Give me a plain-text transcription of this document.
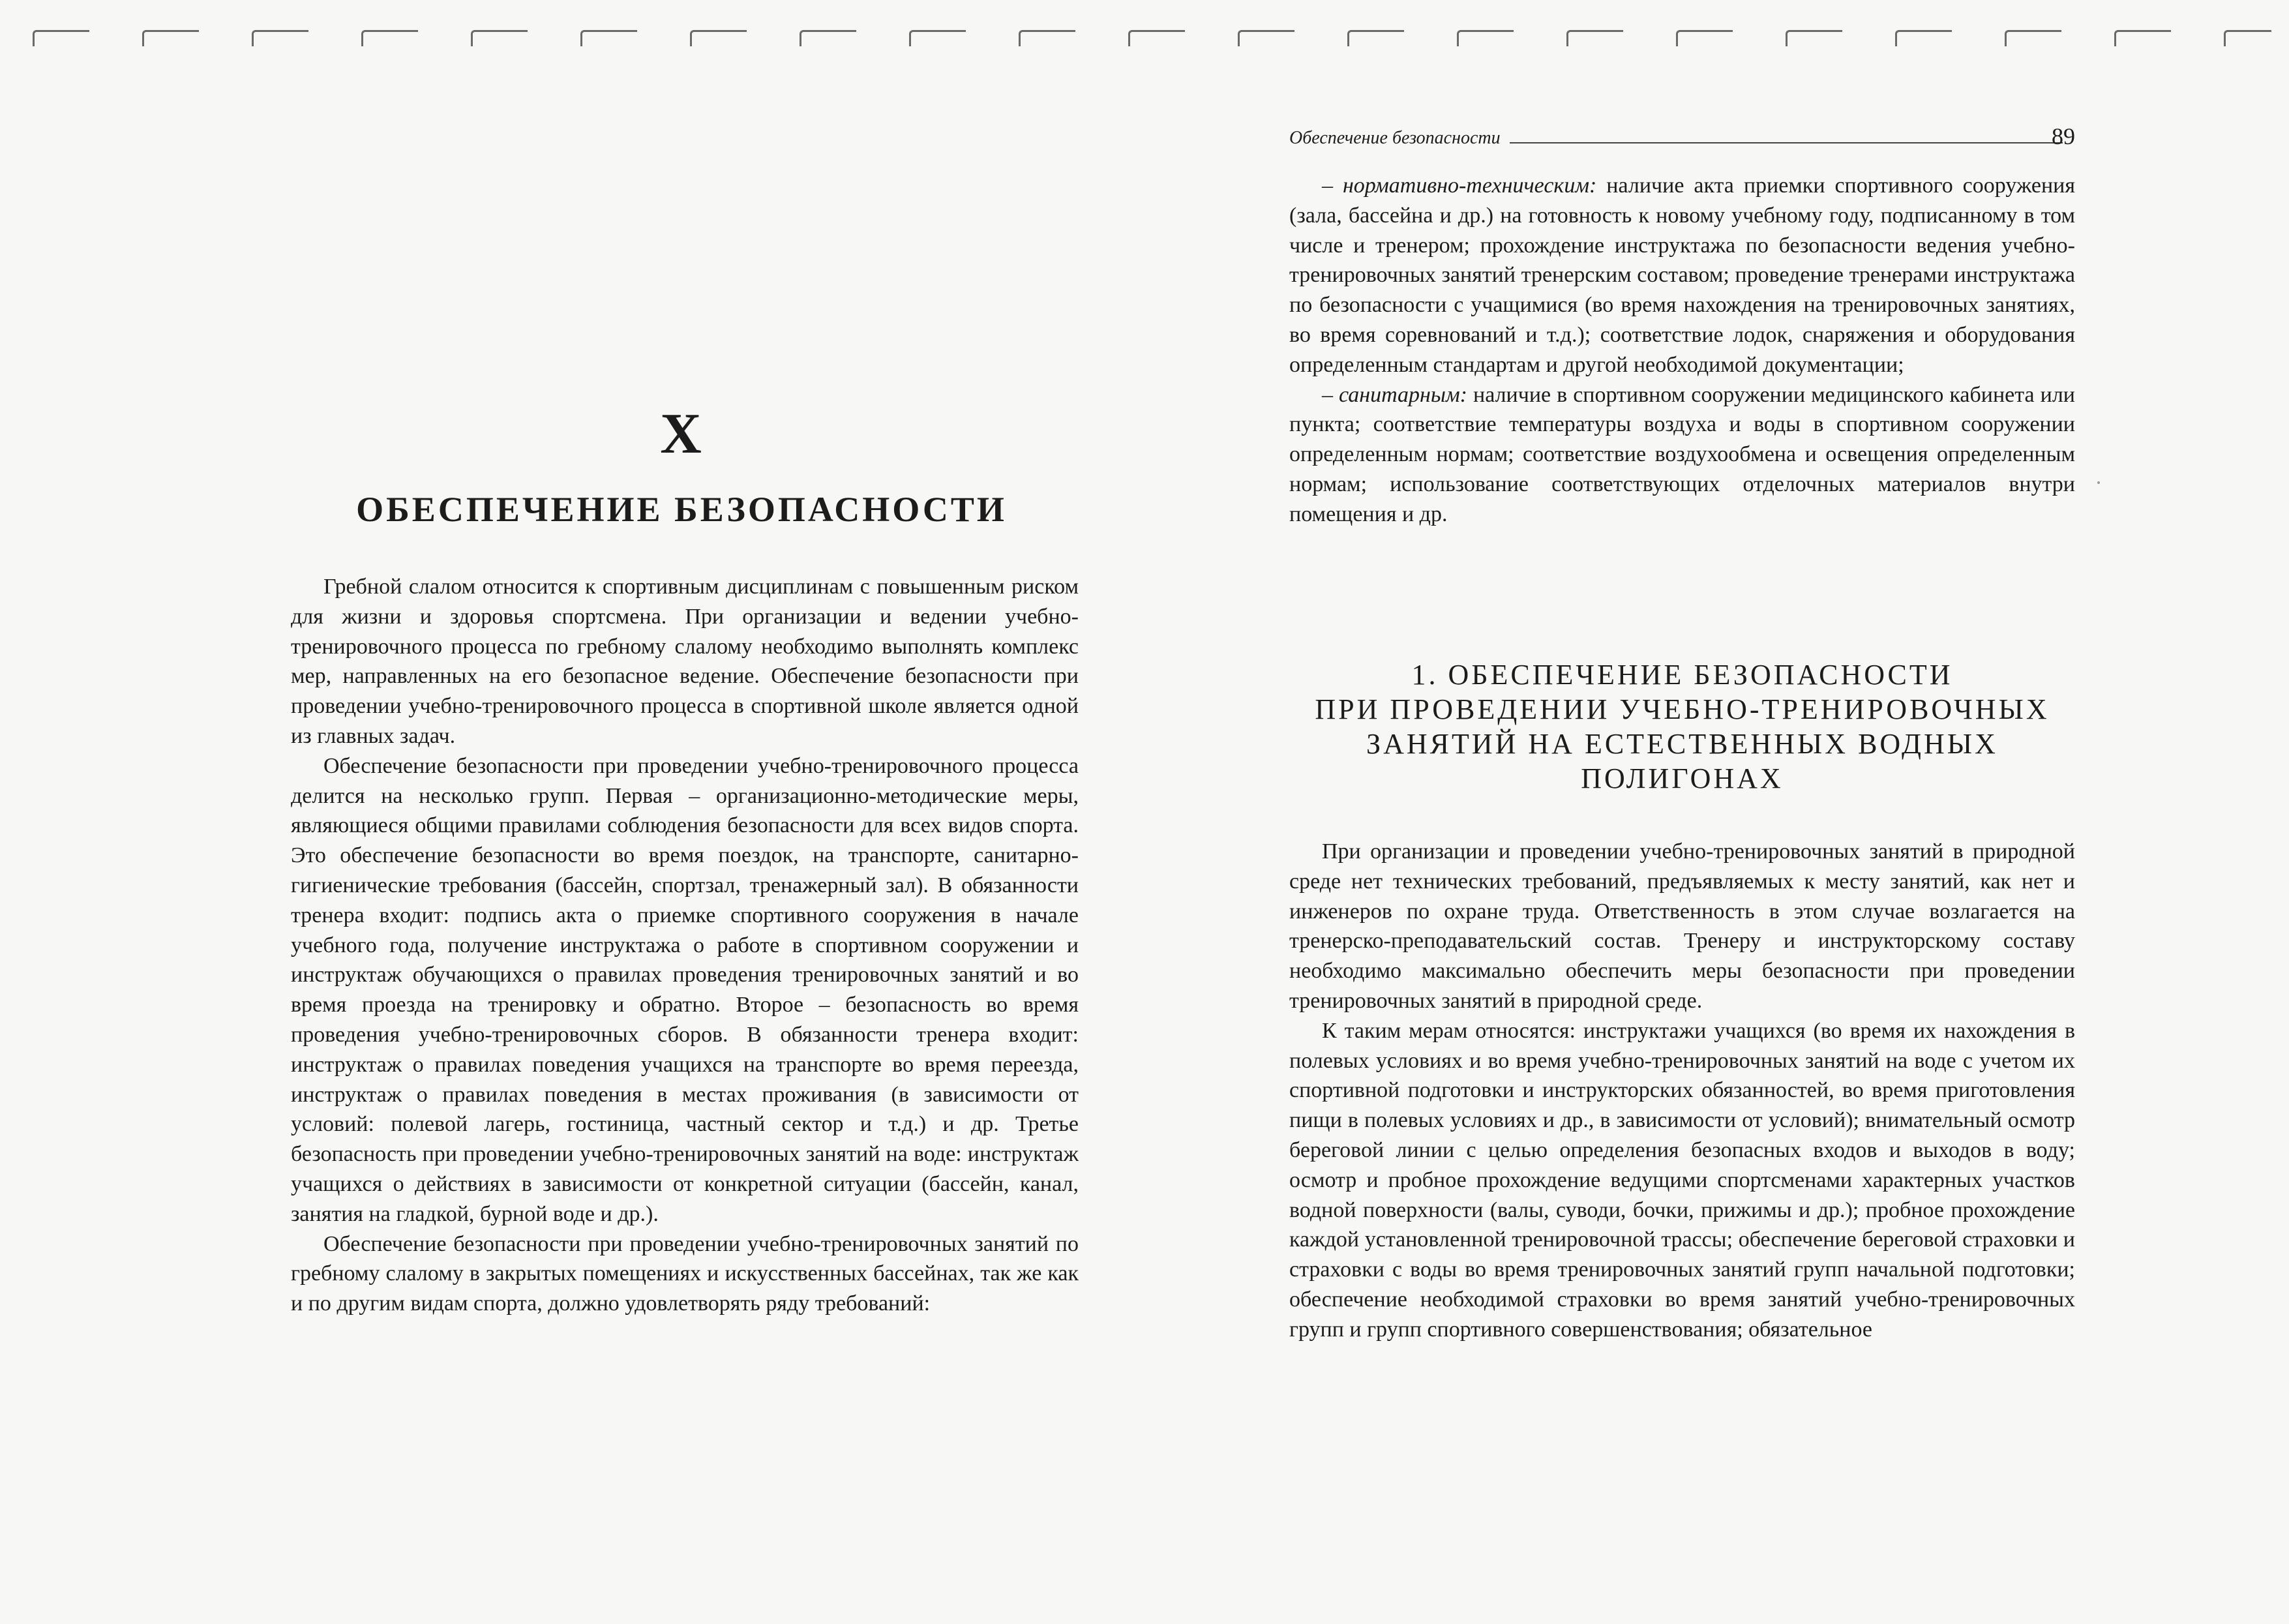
X
ОБЕСПЕЧЕНИЕ БЕЗОПАСНОСТИ

Гребной слалом относится к спортивным дисциплинам с повышенным риском для жизни и здоровья спортсмена. При организации и ведении учебно-тренировочного процесса по гребному слалому необходимо выполнять комплекс мер, направленных на его безопасное ведение. Обеспечение безопасности при проведении учебно-тренировочного процесса в спортивной школе является одной из главных задач.

Обеспечение безопасности при проведении учебно-тренировочного процесса делится на несколько групп. Первая – организационно-методические меры, являющиеся общими правилами соблюдения безопасности для всех видов спорта. Это обеспечение безопасности во время поездок, на транспорте, санитарно-гигиенические требования (бассейн, спортзал, тренажерный зал). В обязанности тренера входит: подпись акта о приемке спортивного сооружения в начале учебного года, получение инструктажа о работе в спортивном сооружении и инструктаж обучающихся о правилах проведения тренировочных занятий и во время проезда на тренировку и обратно. Второе – безопасность во время проведения учебно-тренировочных сборов. В обязанности тренера входит: инструктаж о правилах поведения учащихся на транспорте во время переезда, инструктаж о правилах поведения в местах проживания (в зависимости от условий: полевой лагерь, гостиница, частный сектор и т.д.) и др. Третье безопасность при проведении учебно-тренировочных занятий на воде: инструктаж учащихся о действиях в зависимости от конкретной ситуации (бассейн, канал, занятия на гладкой, бурной воде и др.).

Обеспечение безопасности при проведении учебно-тренировочных занятий по гребному слалому в закрытых помещениях и искусственных бассейнах, так же как и по другим видам спорта, должно удовлетворять ряду требований:

Обеспечение безопасности	89

– нормативно-техническим: наличие акта приемки спортивного сооружения (зала, бассейна и др.) на готовность к новому учебному году, подписанному в том числе и тренером; прохождение инструктажа по безопасности ведения учебно-тренировочных занятий тренерским составом; проведение тренерами инструктажа по безопасности с учащимися (во время нахождения на тренировочных занятиях, во время соревнований и т.д.); соответствие лодок, снаряжения и оборудования определенным стандартам и другой необходимой документации;

– санитарным: наличие в спортивном сооружении медицинского кабинета или пункта; соответствие температуры воздуха и воды в спортивном сооружении определенным нормам; соответствие воздухообмена и освещения определенным нормам; использование соответствующих отделочных материалов внутри помещения и др.

1. ОБЕСПЕЧЕНИЕ БЕЗОПАСНОСТИ
ПРИ ПРОВЕДЕНИИ УЧЕБНО-ТРЕНИРОВОЧНЫХ
ЗАНЯТИЙ НА ЕСТЕСТВЕННЫХ ВОДНЫХ
ПОЛИГОНАХ

При организации и проведении учебно-тренировочных занятий в природной среде нет технических требований, предъявляемых к месту занятий, как нет и инженеров по охране труда. Ответственность в этом случае возлагается на тренерско-преподавательский состав. Тренеру и инструкторскому составу необходимо максимально обеспечить меры безопасности при проведении тренировочных занятий в природной среде.

К таким мерам относятся: инструктажи учащихся (во время их нахождения в полевых условиях и во время учебно-тренировочных занятий на воде с учетом их спортивной подготовки и инструкторских обязанностей, во время приготовления пищи в полевых условиях и др., в зависимости от условий); внимательный осмотр береговой линии с целью определения безопасных входов и выходов в воду; осмотр и пробное прохождение ведущими спортсменами характерных участков водной поверхности (валы, суводи, бочки, прижимы и др.); пробное прохождение каждой установленной тренировочной трассы; обеспечение береговой страховки и страховки с воды во время тренировочных занятий групп начальной подготовки; обеспечение необходимой страховки во время занятий учебно-тренировочных групп и групп спортивного совершенствования; обязательное
